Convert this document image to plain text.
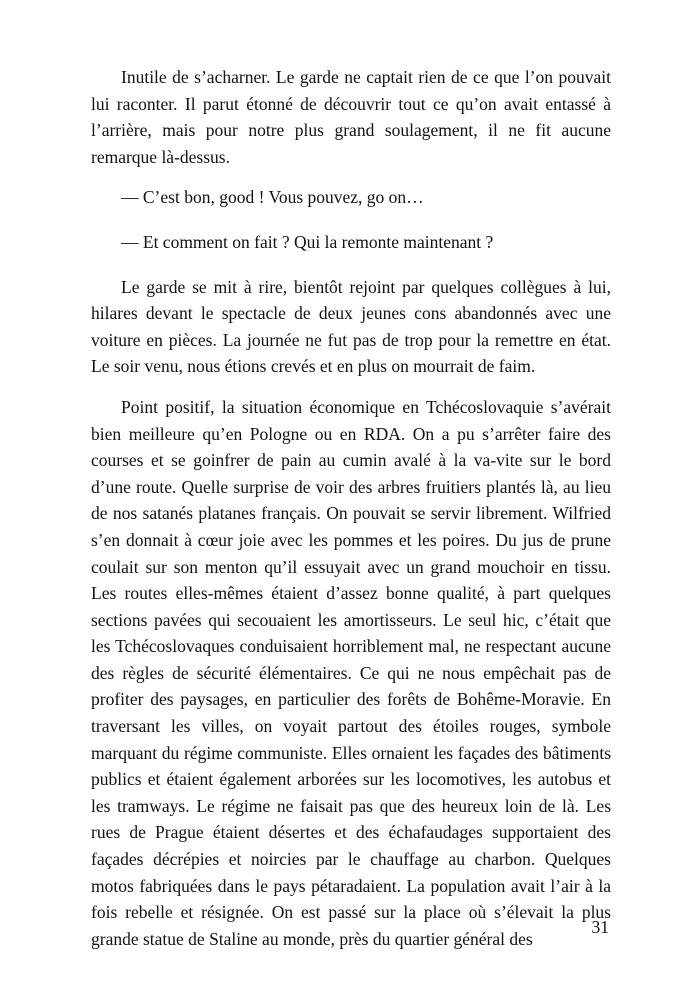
Inutile de s’acharner. Le garde ne captait rien de ce que l’on pouvait lui raconter. Il parut étonné de découvrir tout ce qu’on avait entassé à l’arrière, mais pour notre plus grand soulagement, il ne fit aucune remarque là-dessus.

— C’est bon, good ! Vous pouvez, go on…

— Et comment on fait ? Qui la remonte maintenant ?

Le garde se mit à rire, bientôt rejoint par quelques collègues à lui, hilares devant le spectacle de deux jeunes cons abandonnés avec une voiture en pièces. La journée ne fut pas de trop pour la remettre en état. Le soir venu, nous étions crevés et en plus on mourrait de faim.

Point positif, la situation économique en Tchécoslovaquie s’avérait bien meilleure qu’en Pologne ou en RDA. On a pu s’arrêter faire des courses et se goinfrer de pain au cumin avalé à la va-vite sur le bord d’une route. Quelle surprise de voir des arbres fruitiers plantés là, au lieu de nos satanés platanes français. On pouvait se servir librement. Wilfried s’en donnait à cœur joie avec les pommes et les poires. Du jus de prune coulait sur son menton qu’il essuyait avec un grand mouchoir en tissu. Les routes elles-mêmes étaient d’assez bonne qualité, à part quelques sections pavées qui secouaient les amortisseurs. Le seul hic, c’était que les Tchécoslovaques conduisaient horriblement mal, ne respectant aucune des règles de sécurité élémentaires. Ce qui ne nous empêchait pas de profiter des paysages, en particulier des forêts de Bohême-Moravie. En traversant les villes, on voyait partout des étoiles rouges, symbole marquant du régime communiste. Elles ornaient les façades des bâtiments publics et étaient également arborées sur les locomotives, les autobus et les tramways. Le régime ne faisait pas que des heureux loin de là. Les rues de Prague étaient désertes et des échafaudages supportaient des façades décrépies et noircies par le chauffage au charbon. Quelques motos fabriquées dans le pays pétaradaient. La population avait l’air à la fois rebelle et résignée. On est passé sur la place où s’élevait la plus grande statue de Staline au monde, près du quartier général des

31
